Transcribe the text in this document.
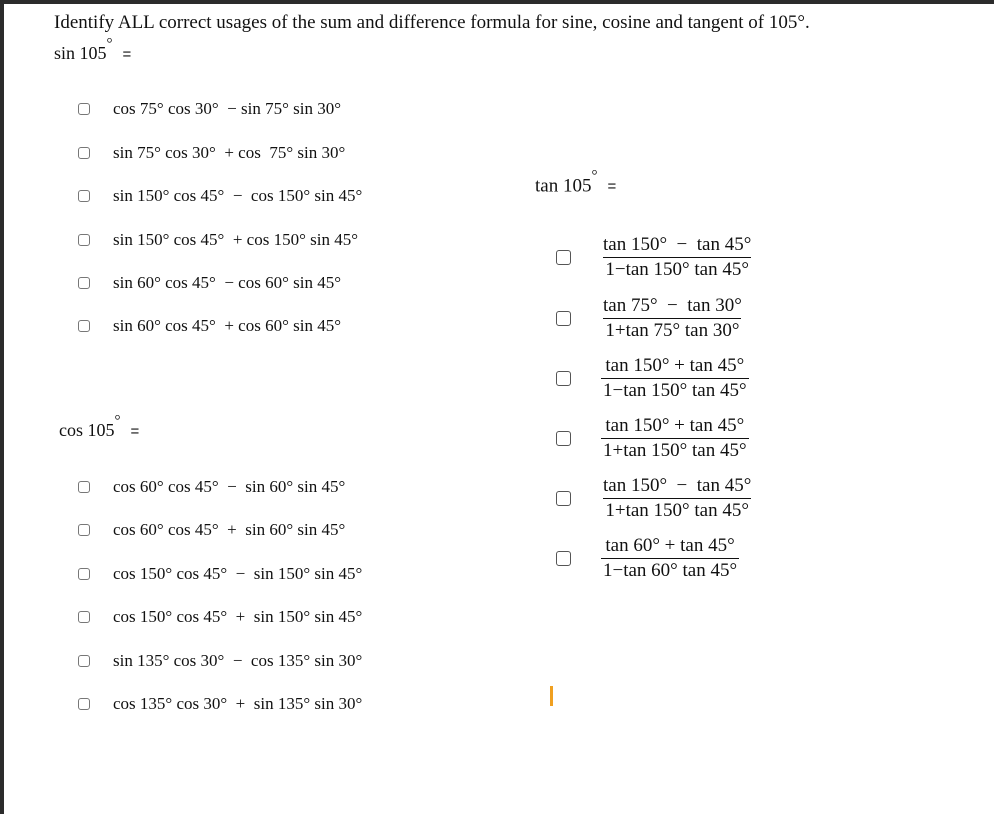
Identify ALL correct usages of the sum and difference formula for sine, cosine and tangent of 105°.
sin 105°=
cos 75° cos 30°  − sin 75° sin 30°
sin 75° cos 30°  + cos  75° sin 30°
sin 150° cos 45°  −  cos 150° sin 45°
sin 150° cos 45°  + cos 150° sin 45°
sin 60° cos 45°  − cos 60° sin 45°
sin 60° cos 45°  + cos 60° sin 45°
cos 105°=
cos 60° cos 45°  −  sin 60° sin 45°
cos 60° cos 45°  +  sin 60° sin 45°
cos 150° cos 45°  −  sin 150° sin 45°
cos 150° cos 45°  +  sin 150° sin 45°
sin 135° cos 30°  −  cos 135° sin 30°
cos 135° cos 30°  +  sin 135° sin 30°
tan 105°=
$\frac{\tan 150^\circ - \tan 45^\circ}{1-\tan 150^\circ \tan 45^\circ}$
$\frac{\tan 75^\circ - \tan 30^\circ}{1+\tan 75^\circ \tan 30^\circ}$
$\frac{\tan 150^\circ + \tan 45^\circ}{1-\tan 150^\circ \tan 45^\circ}$
$\frac{\tan 150^\circ + \tan 45^\circ}{1+\tan 150^\circ \tan 45^\circ}$
$\frac{\tan 150^\circ - \tan 45^\circ}{1+\tan 150^\circ \tan 45^\circ}$
$\frac{\tan 60^\circ + \tan 45^\circ}{1-\tan 60^\circ \tan 45^\circ}$
